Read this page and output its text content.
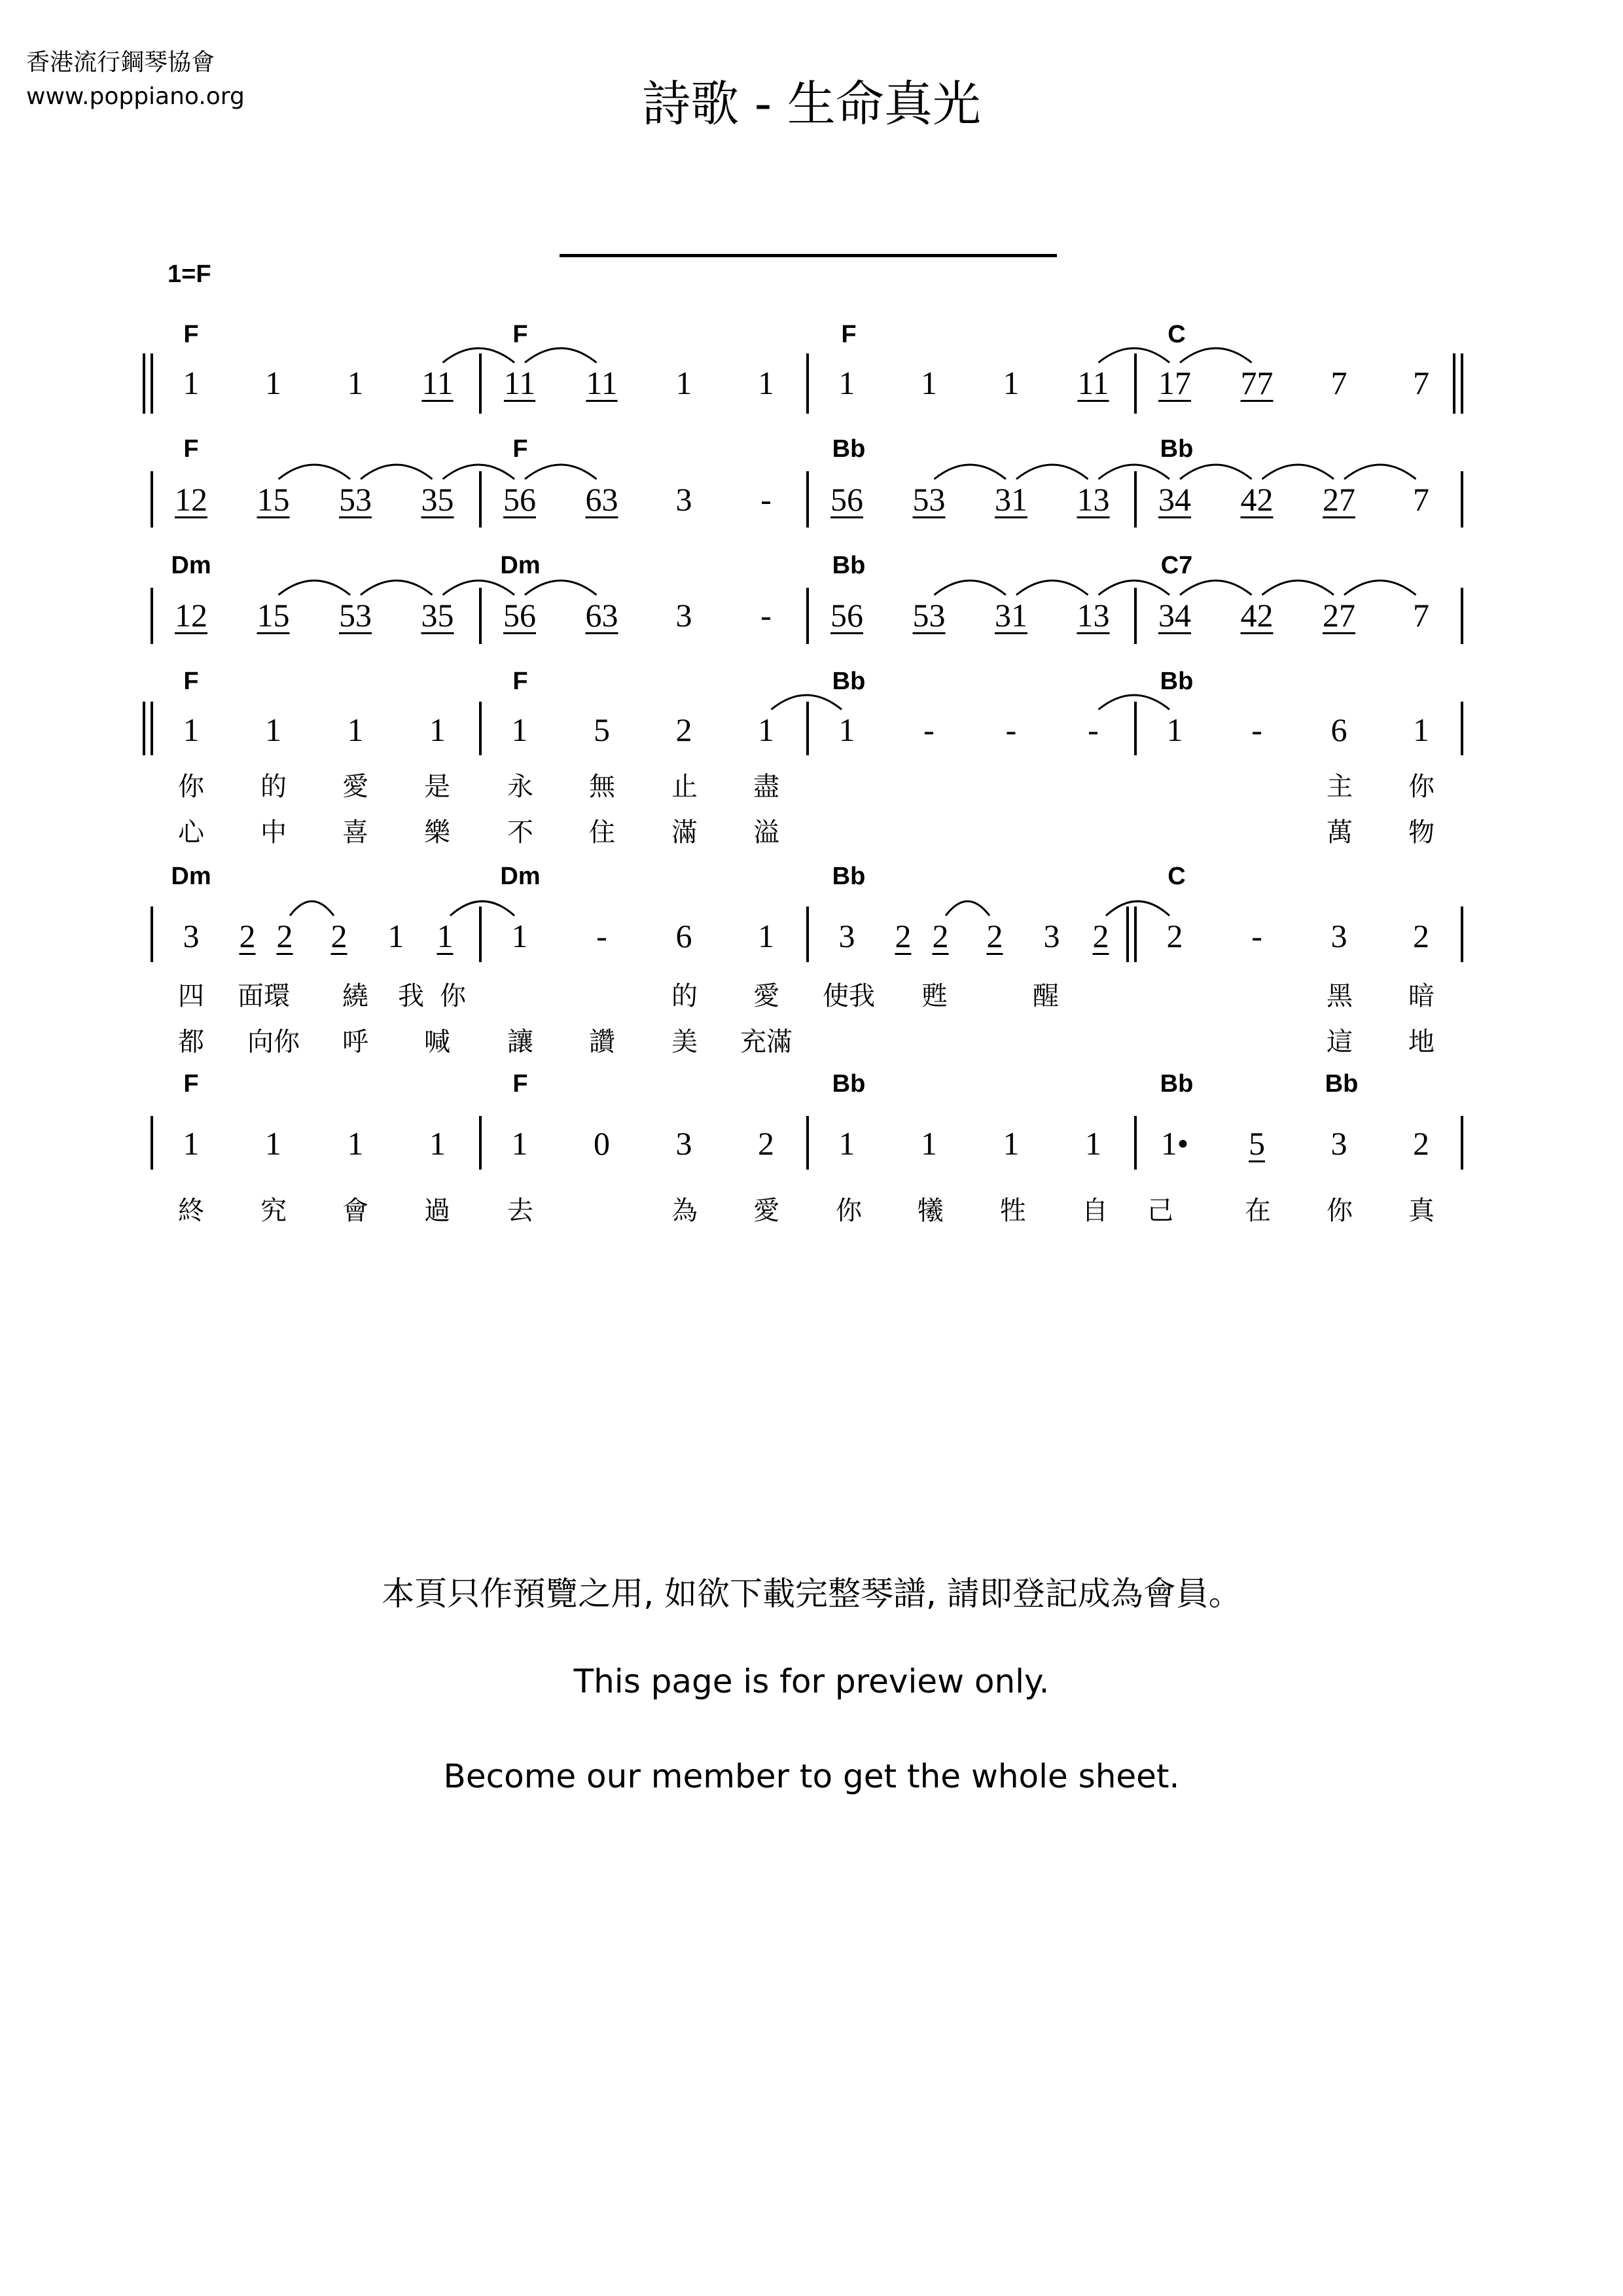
香港流行鋼琴協會
www.poppiano.org	詩歌 - 生命真光
1=F
F	F	F	C
1 1 1 11 11 11 1 1 1 1 1 11 17 77 7 7
F	F	Bb	Bb
12 15 53 35 56 63 3 - 56 53 31 13 34 42 27 7
Dm	Dm	Bb	C7
12 15 53 35 56 63 3 - 56 53 31 13 34 42 27 7
F	F	Bb	Bb
1 1 1 1 1 5 2 1 1 - - - 1 - 6 1
你 的 愛 是 永 無 止 盡	主 你
心 中 喜 樂 不 住 滿 溢	萬 物
Dm	Dm	Bb	C
3 2 2 2 1 1 1 - 6 1 3 2 2 2 3 2 2 - 3 2
四 面環 繞 我 你	的 愛 使我 甦	醒	黑 暗
都 向你 呼 喊 讓 讚 美 充滿	這 地
F	F	Bb	Bb	Bb
1 1 1 1 1 0 3 2 1 1 1 1 1• 5 3 2
終 究 會 過 去	為 愛 你 犧 牲 自 己	在 你 真
本頁只作預覽之用, 如欲下載完整琴譜, 請即登記成為會員。
This page is for preview only.
Become our member to get the whole sheet.
